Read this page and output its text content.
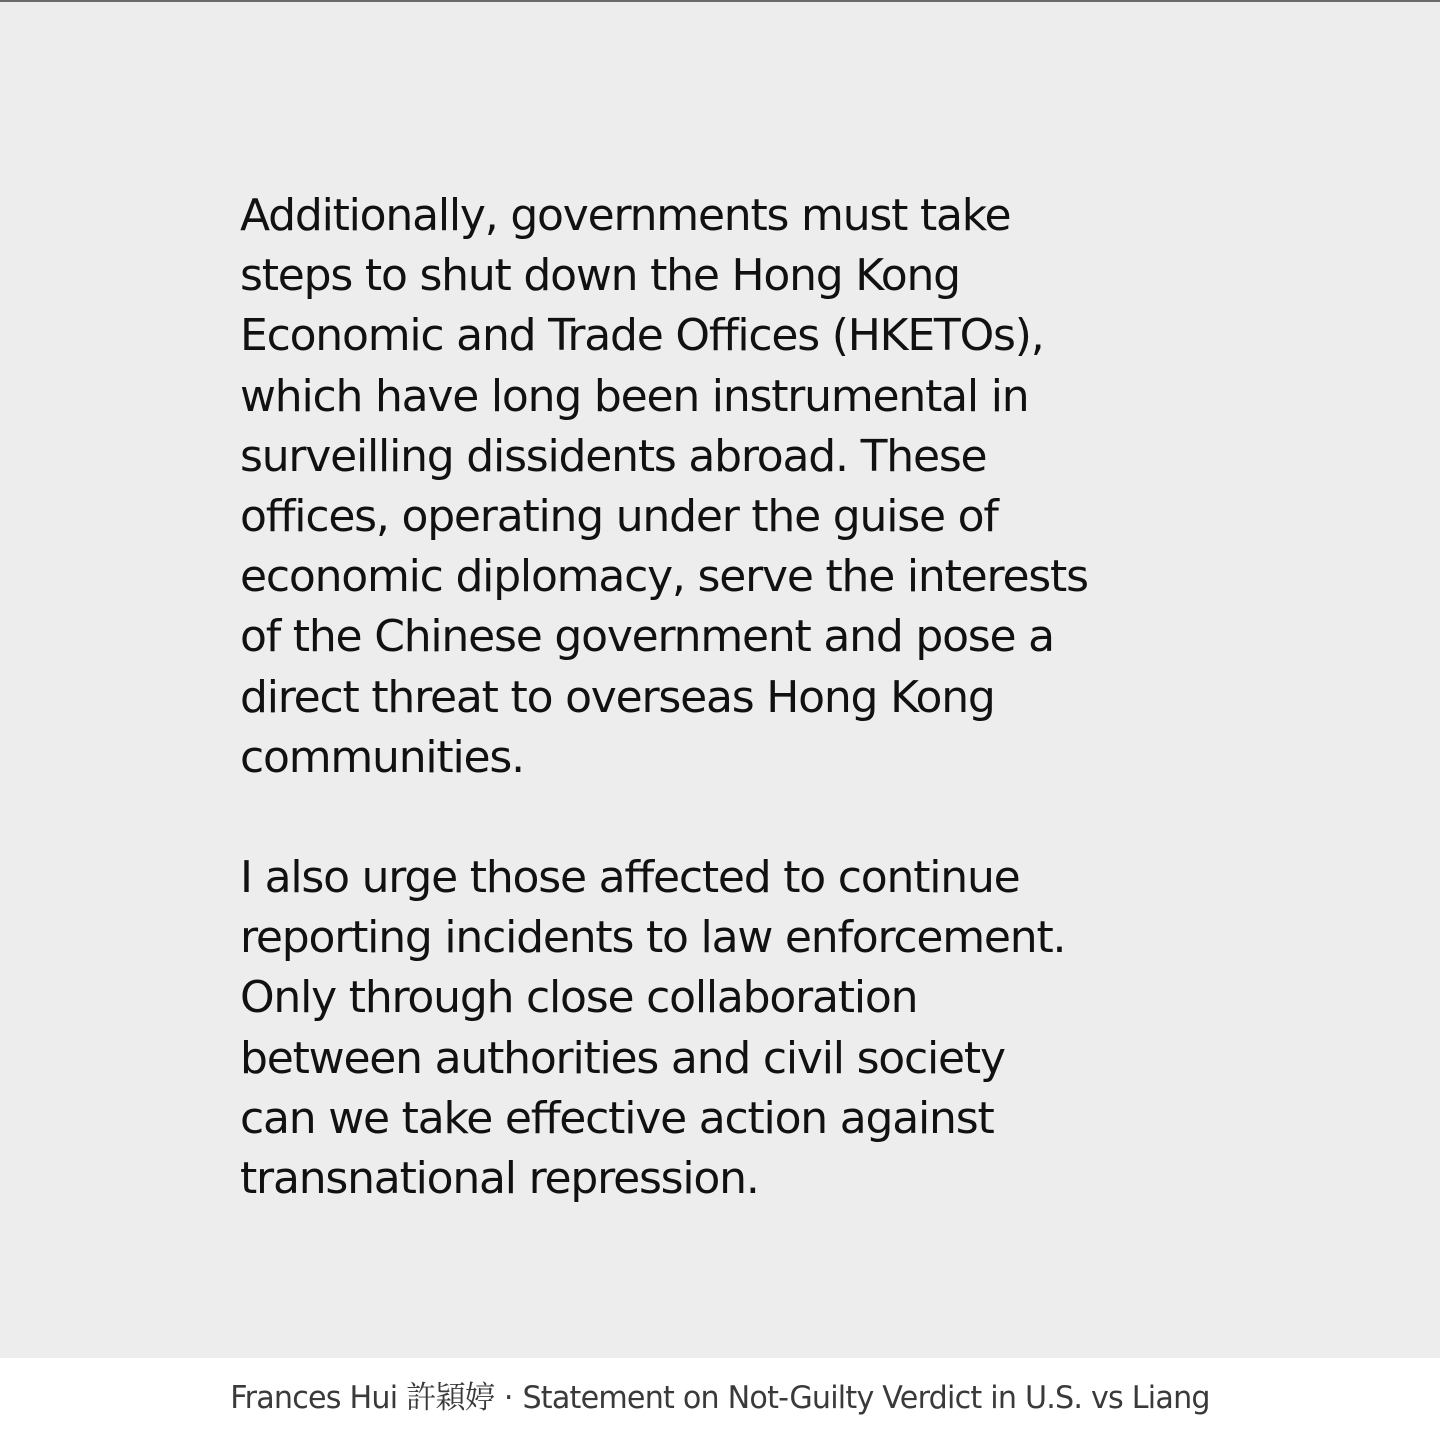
Additionally, governments must take
steps to shut down the Hong Kong
Economic and Trade Offices (HKETOs),
which have long been instrumental in
surveilling dissidents abroad. These
offices, operating under the guise of
economic diplomacy, serve the interests
of the Chinese government and pose a
direct threat to overseas Hong Kong
communities.
I also urge those affected to continue
reporting incidents to law enforcement.
Only through close collaboration
between authorities and civil society
can we take effective action against
transnational repression.
Frances Hui 許穎婷 · Statement on Not-Guilty Verdict in U.S. vs Liang
